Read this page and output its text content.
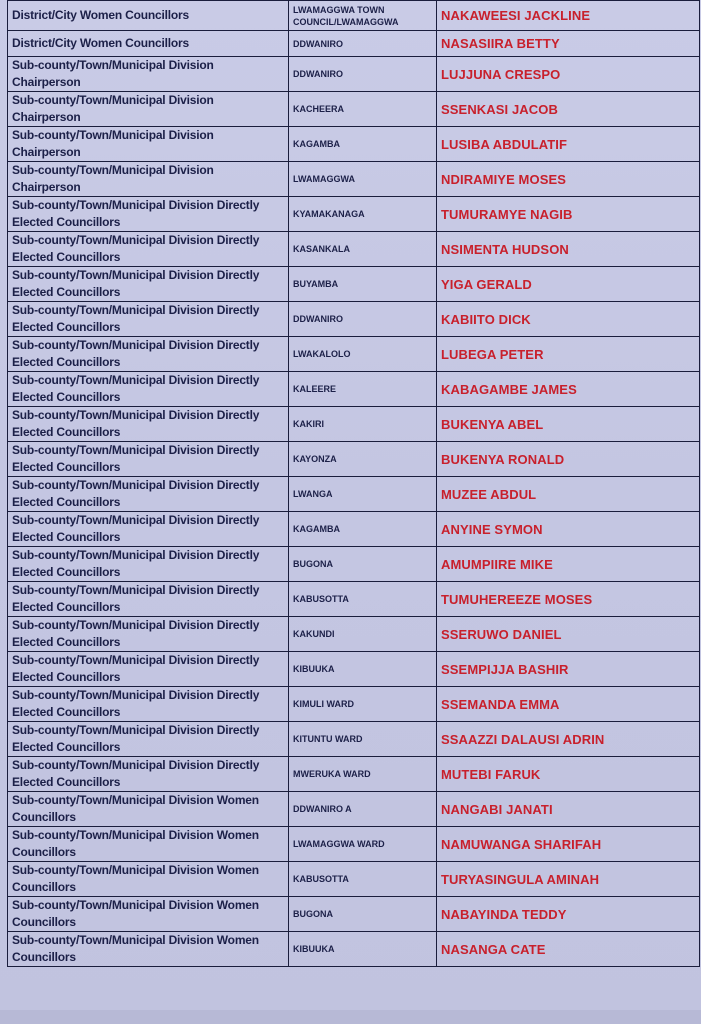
District/City Women Councillors	LWAMAGGWA TOWN COUNCIL/LWAMAGGWA	NAKAWEESI JACKLINE
District/City Women Councillors	DDWANIRO	NASASIIRA BETTY
Sub-county/Town/Municipal Division Chairperson	DDWANIRO	LUJJUNA CRESPO
Sub-county/Town/Municipal Division Chairperson	KACHEERA	SSENKASI JACOB
Sub-county/Town/Municipal Division Chairperson	KAGAMBA	LUSIBA ABDULATIF
Sub-county/Town/Municipal Division Chairperson	LWAMAGGWA	NDIRAMIYE MOSES
Sub-county/Town/Municipal Division Directly Elected Councillors	KYAMAKANAGA	TUMURAMYE NAGIB
Sub-county/Town/Municipal Division Directly Elected Councillors	KASANKALA	NSIMENTA HUDSON
Sub-county/Town/Municipal Division Directly Elected Councillors	BUYAMBA	YIGA GERALD
Sub-county/Town/Municipal Division Directly Elected Councillors	DDWANIRO	KABIITO DICK
Sub-county/Town/Municipal Division Directly Elected Councillors	LWAKALOLO	LUBEGA PETER
Sub-county/Town/Municipal Division Directly Elected Councillors	KALEERE	KABAGAMBE JAMES
Sub-county/Town/Municipal Division Directly Elected Councillors	KAKIRI	BUKENYA ABEL
Sub-county/Town/Municipal Division Directly Elected Councillors	KAYONZA	BUKENYA RONALD
Sub-county/Town/Municipal Division Directly Elected Councillors	LWANGA	MUZEE ABDUL
Sub-county/Town/Municipal Division Directly Elected Councillors	KAGAMBA	ANYINE SYMON
Sub-county/Town/Municipal Division Directly Elected Councillors	BUGONA	AMUMPIIRE MIKE
Sub-county/Town/Municipal Division Directly Elected Councillors	KABUSOTTA	TUMUHEREEZE MOSES
Sub-county/Town/Municipal Division Directly Elected Councillors	KAKUNDI	SSERUWO DANIEL
Sub-county/Town/Municipal Division Directly Elected Councillors	KIBUUKA	SSEMPIJJA BASHIR
Sub-county/Town/Municipal Division Directly Elected Councillors	KIMULI WARD	SSEMANDA EMMA
Sub-county/Town/Municipal Division Directly Elected Councillors	KITUNTU WARD	SSAAZZI DALAUSI ADRIN
Sub-county/Town/Municipal Division Directly Elected Councillors	MWERUKA WARD	MUTEBI FARUK
Sub-county/Town/Municipal Division Women Councillors	DDWANIRO A	NANGABI JANATI
Sub-county/Town/Municipal Division Women Councillors	LWAMAGGWA WARD	NAMUWANGA SHARIFAH
Sub-county/Town/Municipal Division Women Councillors	KABUSOTTA	TURYASINGULA AMINAH
Sub-county/Town/Municipal Division Women Councillors	BUGONA	NABAYINDA TEDDY
Sub-county/Town/Municipal Division Women Councillors	KIBUUKA	NASANGA CATE
